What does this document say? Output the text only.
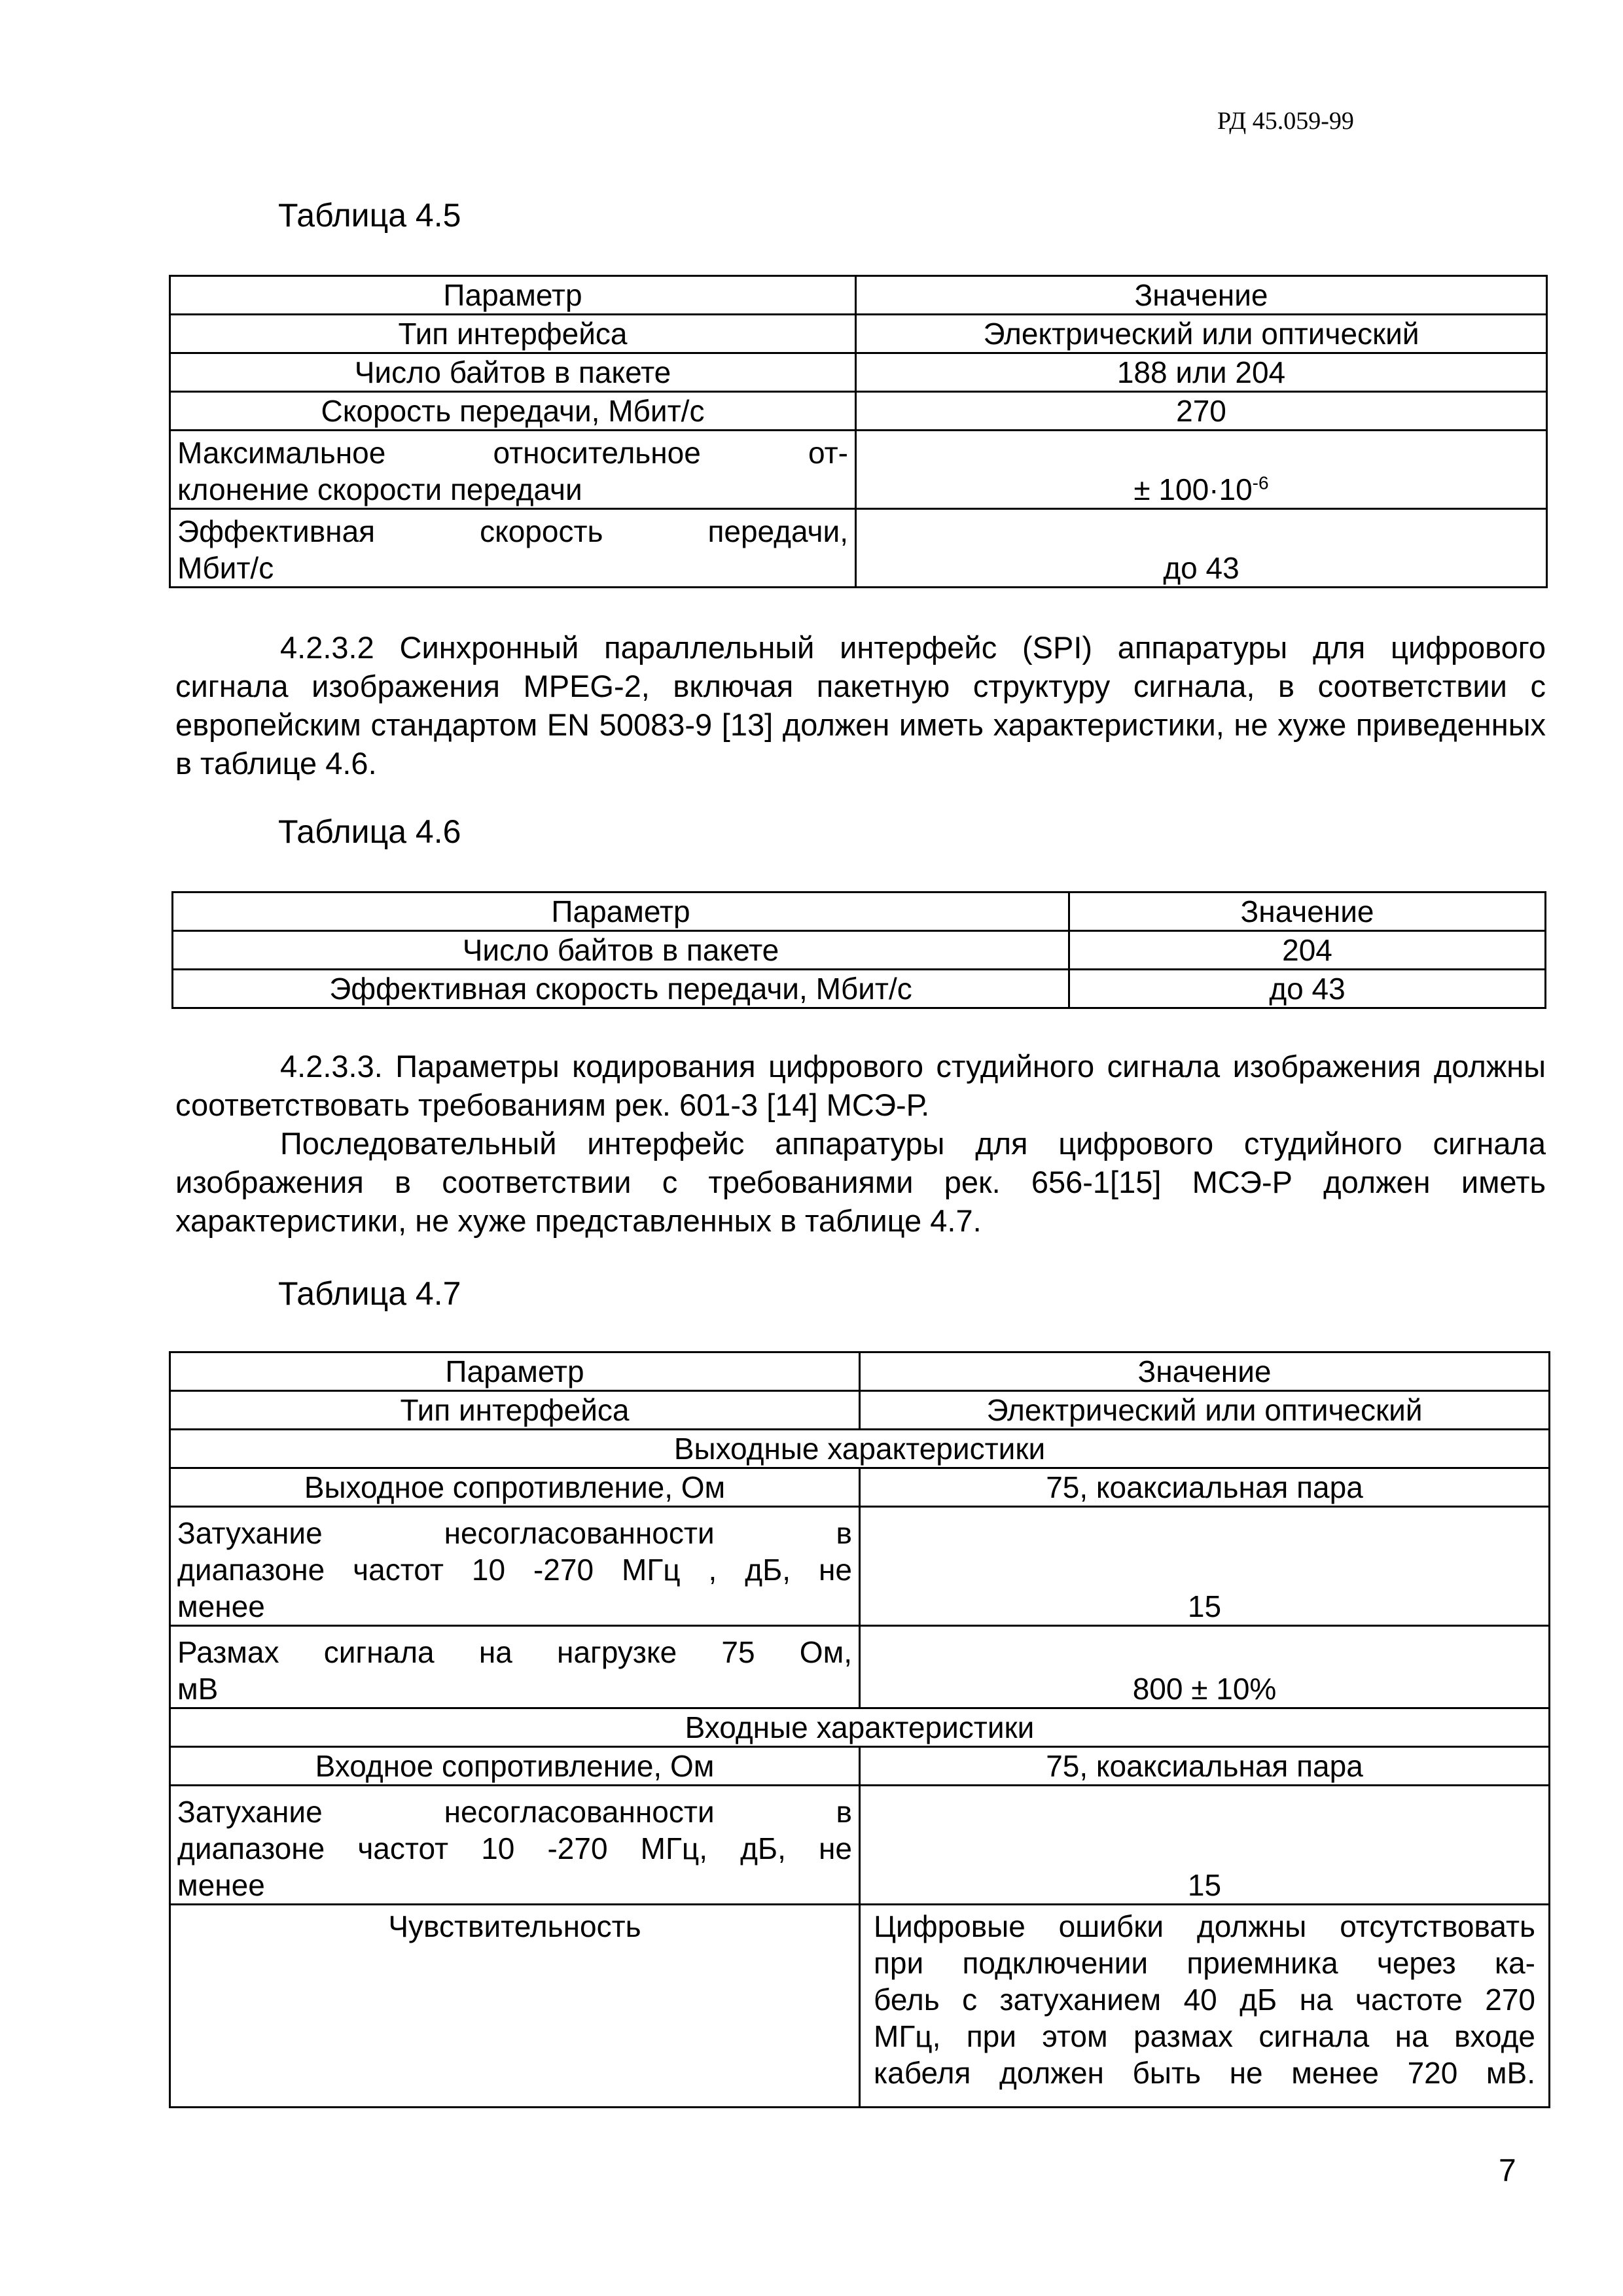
РД 45.059-99
Таблица 4.5
Параметр	Значение
Тип интерфейса	Электрический или оптический
Число байтов в пакете	188 или 204
Скорость передачи, Мбит/с	270

Максимальное относительное от-
клонение скорости передачи	± $100\cdot 10^{-6}$

Эффективная скорость передачи,
Мбит/с	до 43
4.2.3.2 Синхронный параллельный интерфейс (SPI) аппаратуры для цифрового сигнала изображения MPEG-2, включая пакетную структуру сигнала, в соответствии с европейским стандартом EN 50083-9 [13] должен иметь характеристики, не хуже приведенных в таблице 4.6.
Таблица 4.6
Параметр	Значение
Число байтов в пакете	204
Эффективная скорость передачи, Мбит/с	до 43
4.2.3.3. Параметры кодирования цифрового студийного сигнала изображения должны соответствовать требованиям рек. 601-3 [14] МСЭ-Р.
Последовательный интерфейс аппаратуры для цифрового студийного сигнала изображения в соответствии с требованиями рек. 656-1[15] МСЭ-Р должен иметь характеристики, не хуже представленных в таблице 4.7.
Таблица 4.7
Параметр	Значение
Тип интерфейса	Электрический или оптический
Выходные характеристики	
Выходное сопротивление, Ом	75, коаксиальная пара

Затухание несогласованности в
диапазоне частот 10 -270 МГц , дБ, не
менее	15

Размах сигнала на нагрузке 75 Ом,
мВ	800 ± 10%
Входные характеристики	
Входное сопротивление, Ом	75, коаксиальная пара

Затухание несогласованности в
диапазоне частот 10 -270 МГц, дБ, не
менее	15
Чувствительность	Цифровые ошибки должны отсутствовать
при подключении приемника через ка-
бель с затуханием 40 дБ на частоте 270
МГц, при этом размах сигнала на входе
кабеля должен быть не менее 720 мВ.
7
